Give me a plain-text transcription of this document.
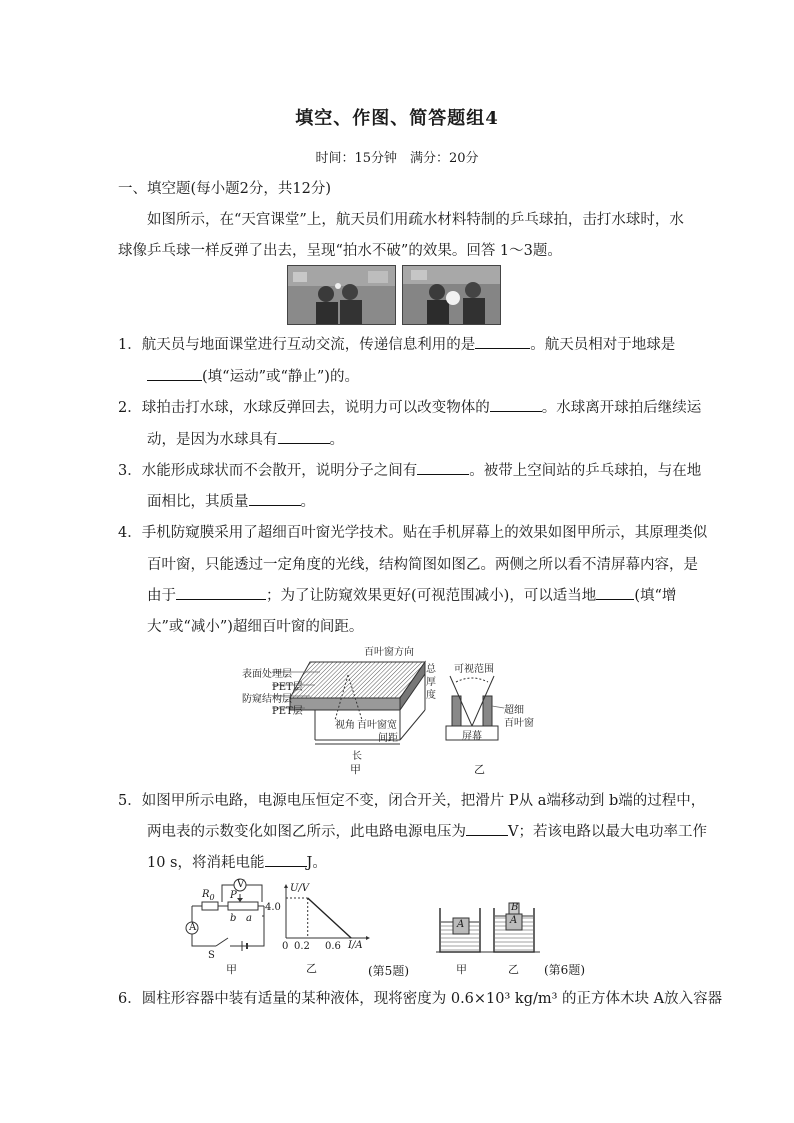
填空、作图、简答题组4
时间：15分钟　满分：20分
一、填空题(每小题2分，共12分)
如图所示，在“天宫课堂”上，航天员们用疏水材料特制的乒乓球拍，击打水球时，水
球像乒乓球一样反弹了出去，呈现“拍水不破”的效果。回答 1～3题。
1．航天员与地面课堂进行互动交流，传递信息利用的是	。航天员相对于地球是
(填“运动”或“静止”)的。
2．球拍击打水球，水球反弹回去，说明力可以改变物体的	。水球离开球拍后继续运
动，是因为水球具有	。
3．水能形成球状而不会散开，说明分子之间有	。被带上空间站的乒乓球拍，与在地
面相比，其质量	。
4．手机防窥膜采用了超细百叶窗光学技术。贴在手机屏幕上的效果如图甲所示，其原理类似
百叶窗，只能透过一定角度的光线，结构简图如图乙。两侧之所以看不清屏幕内容，是
由于	；为了让防窥效果更好(可视范围减小)，可以适当地	(填“增
大”或“减小”)超细百叶窗的间距。
百叶窗方向
表面处理层
PET层
防窥结构层
PET层
总
厚
度
视角 百叶窗宽
间距
长
甲
可视范围
超细
百叶窗
屏幕
乙
5．如图甲所示电路，电源电压恒定不变，闭合开关，把滑片 P从 a端移动到 b端的过程中，
两电表的示数变化如图乙所示，此电路电源电压为	V；若该电路以最大电功率工作
10 s，将消耗电能	J。
A
V
$R_0$ P
b a
S
甲
U/V
4.0
0 0.2 0.6 I/A
乙	(第5题)
A	A
B
甲	乙 (第6题)
6．圆柱形容器中装有适量的某种液体，现将密度为 0.6×10³ kg/m³ 的正方体木块 A放入容器
